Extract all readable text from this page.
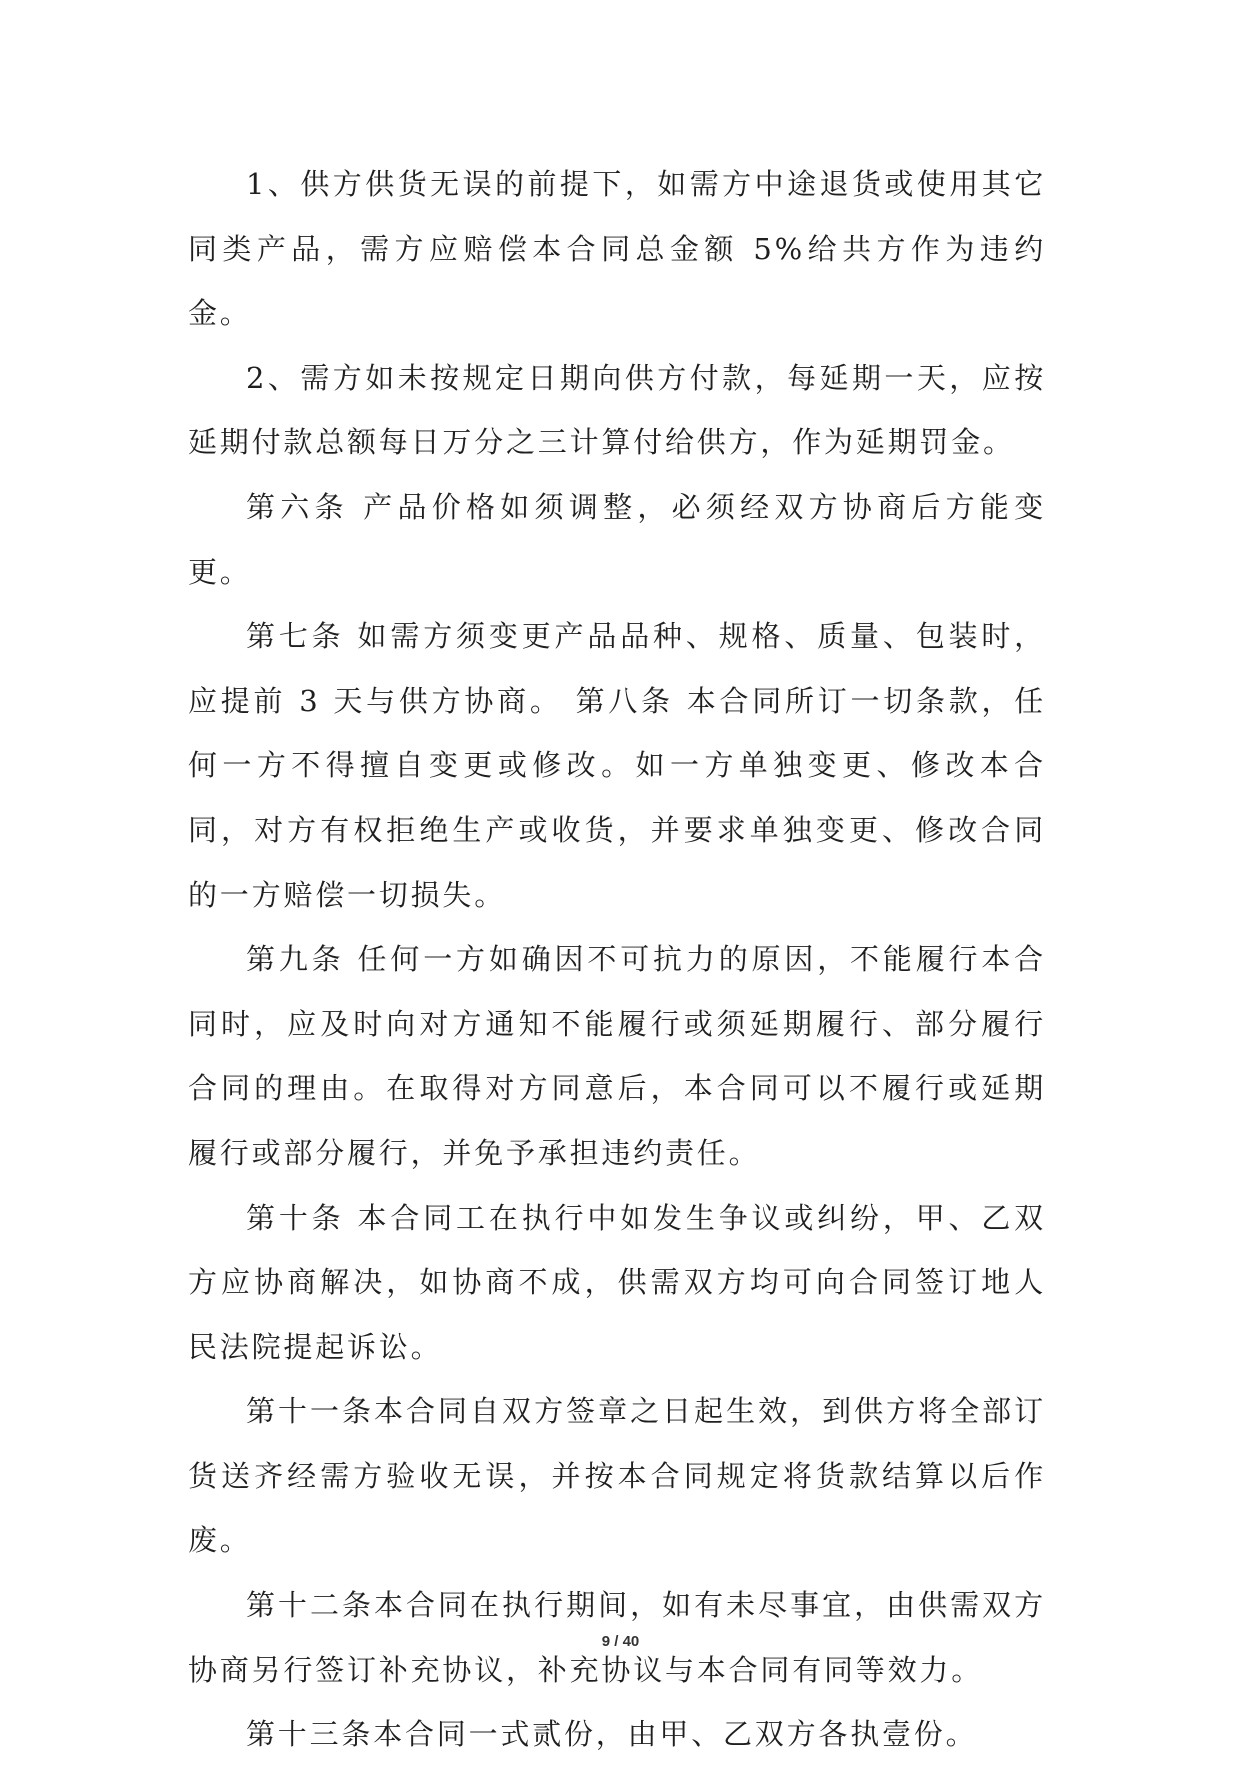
1、供方供货无误的前提下，如需方中途退货或使用其它同类产品，需方应赔偿本合同总金额 5%给共方作为违约金。

2、需方如未按规定日期向供方付款，每延期一天，应按延期付款总额每日万分之三计算付给供方，作为延期罚金。

第六条 产品价格如须调整，必须经双方协商后方能变更。

第七条 如需方须变更产品品种、规格、质量、包装时，应提前 3 天与供方协商。 第八条 本合同所订一切条款，任何一方不得擅自变更或修改。如一方单独变更、修改本合同，对方有权拒绝生产或收货，并要求单独变更、修改合同的一方赔偿一切损失。

第九条 任何一方如确因不可抗力的原因，不能履行本合同时，应及时向对方通知不能履行或须延期履行、部分履行合同的理由。在取得对方同意后，本合同可以不履行或延期履行或部分履行，并免予承担违约责任。

第十条 本合同工在执行中如发生争议或纠纷，甲、乙双方应协商解决，如协商不成，供需双方均可向合同签订地人民法院提起诉讼。

第十一条本合同自双方签章之日起生效，到供方将全部订货送齐经需方验收无误，并按本合同规定将货款结算以后作废。

第十二条本合同在执行期间，如有未尽事宜，由供需双方协商另行签订补充协议，补充协议与本合同有同等效力。

第十三条本合同一式贰份，由甲、乙双方各执壹份。

9 / 40
